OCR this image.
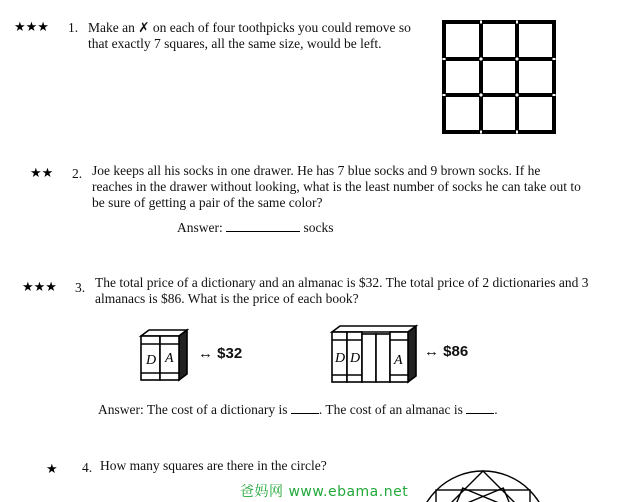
★★★ 1. Make an ✗ on each of four toothpicks you could remove so
that exactly 7 squares, all the same size, would be left.
★★ 2. Joe keeps all his socks in one drawer. He has 7 blue socks and 9 brown socks. If he
reaches in the drawer without looking, what is the least number of socks he can take out to
be sure of getting a pair of the same color?
Answer:	socks
★★★ 3. The total price of a dictionary and an almanac is $32. The total price of 2 dictionaries and 3
almanacs is $86. What is the price of each book?
D A ↔ $32	D D A
↔ $86
Answer: The cost of a dictionary is . The cost of an almanac is .
★ 4. How many squares are there in the circle?
爸妈网 www.ebama.net
